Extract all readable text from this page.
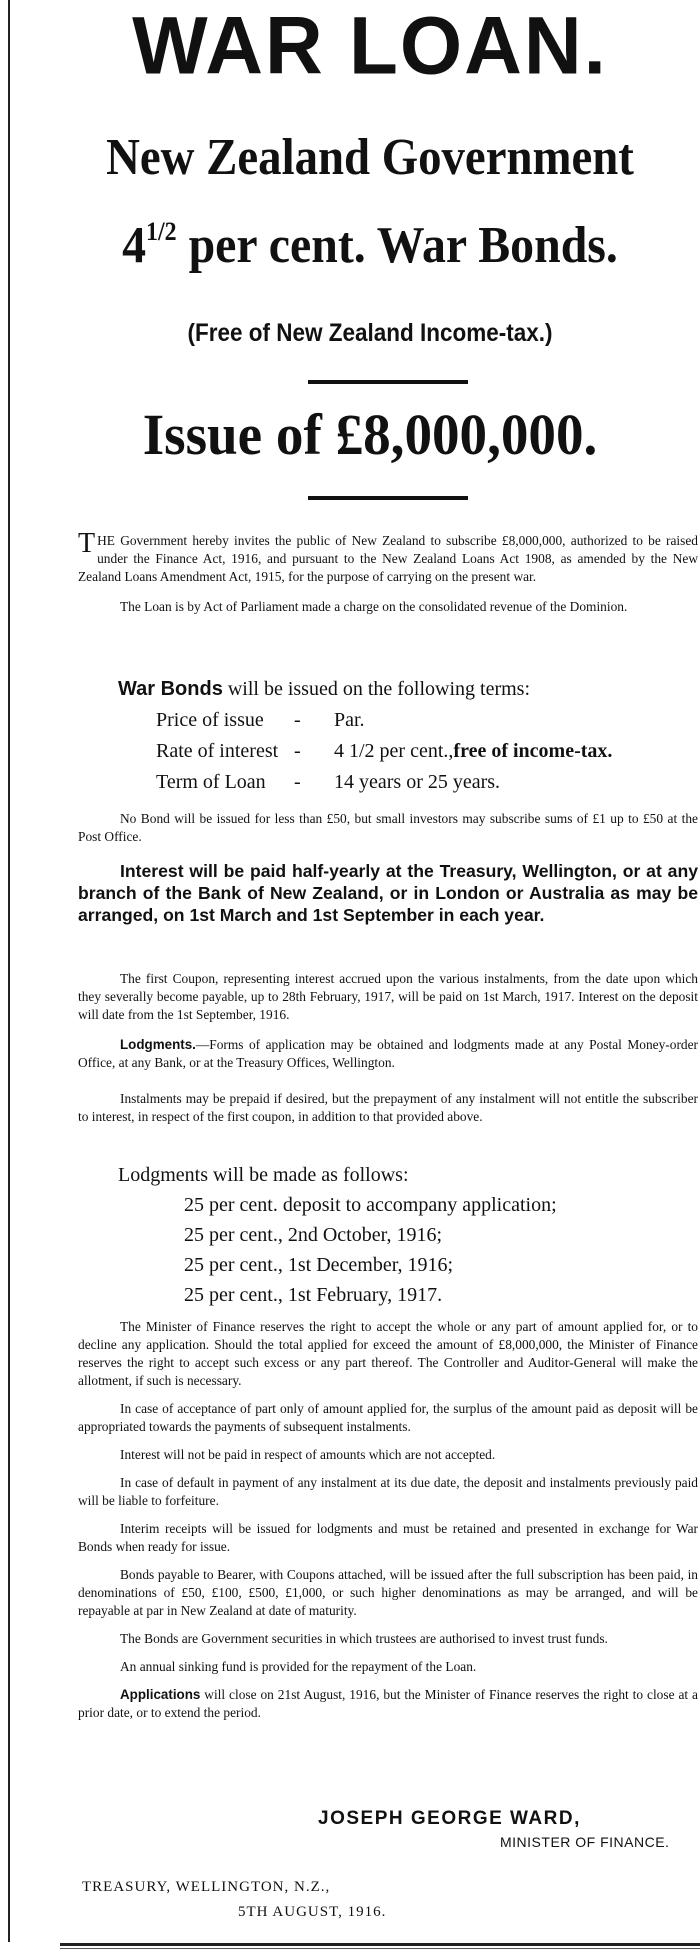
WAR LOAN.
New Zealand Government
$4^{1/2}$ per cent. War Bonds.
(Free of New Zealand Income-tax.)
Issue of £8,000,000.

THE Government hereby invites the public of New Zealand to subscribe £8,000,000, authorized to be raised under the Finance Act, 1916, and pursuant to the New Zealand Loans Act 1908, as amended by the New Zealand Loans Amendment Act, 1915, for the purpose of carrying on the present war.

The Loan is by Act of Parliament made a charge on the consolidated revenue of the Dominion.

War Bonds will be issued on the following terms:
Price of issue	-	Par.
Rate of interest -	4 1/2 per cent., free of income-tax.
Term of Loan	-	14 years or 25 years.

No Bond will be issued for less than £50, but small investors may subscribe sums of £1 up to £50 at the Post Office.

Interest will be paid half-yearly at the Treasury, Wellington, or at any branch of the Bank of New Zealand, or in London or Australia as may be arranged, on 1st March and 1st September in each year.

The first Coupon, representing interest accrued upon the various instalments, from the date upon which they severally become payable, up to 28th February, 1917, will be paid on 1st March, 1917. Interest on the deposit will date from the 1st September, 1916.

Lodgments.—Forms of application may be obtained and lodgments made at any Postal Money-order Office, at any Bank, or at the Treasury Offices, Wellington.

Instalments may be prepaid if desired, but the prepayment of any instalment will not entitle the subscriber to interest, in respect of the first coupon, in addition to that provided above.

Lodgments will be made as follows:
25 per cent. deposit to accompany application;
25 per cent., 2nd October, 1916;
25 per cent., 1st December, 1916;
25 per cent., 1st February, 1917.

The Minister of Finance reserves the right to accept the whole or any part of amount applied for, or to decline any application. Should the total applied for exceed the amount of £8,000,000, the Minister of Finance reserves the right to accept such excess or any part thereof. The Controller and Auditor-General will make the allotment, if such is necessary.

In case of acceptance of part only of amount applied for, the surplus of the amount paid as deposit will be appropriated towards the payments of subsequent instalments.

Interest will not be paid in respect of amounts which are not accepted.

In case of default in payment of any instalment at its due date, the deposit and instalments previously paid will be liable to forfeiture.

Interim receipts will be issued for lodgments and must be retained and presented in exchange for War Bonds when ready for issue.

Bonds payable to Bearer, with Coupons attached, will be issued after the full subscription has been paid, in denominations of £50, £100, £500, £1,000, or such higher denominations as may be arranged, and will be repayable at par in New Zealand at date of maturity.

The Bonds are Government securities in which trustees are authorised to invest trust funds.

An annual sinking fund is provided for the repayment of the Loan.

Applications will close on 21st August, 1916, but the Minister of Finance reserves the right to close at a prior date, or to extend the period.

JOSEPH GEORGE WARD,
MINISTER OF FINANCE.
TREASURY, WELLINGTON, N.Z.,
5TH AUGUST, 1916.
